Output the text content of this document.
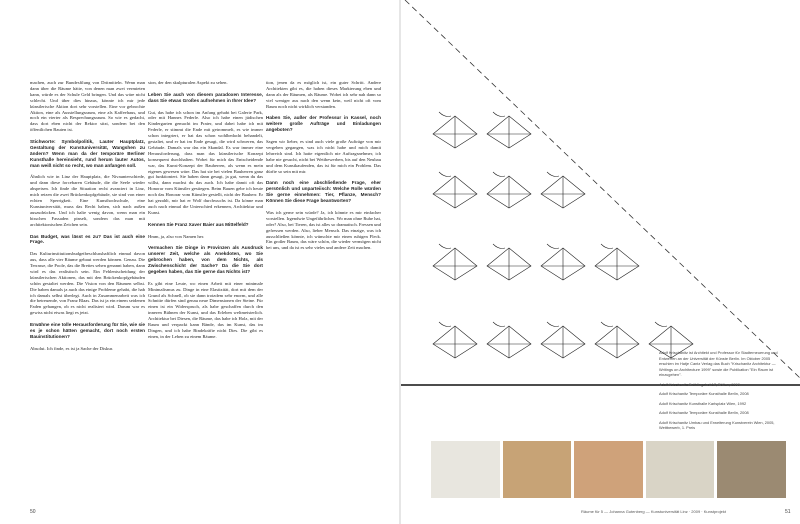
machen, auch zur Bundesfilung von Dritmitteln. Wenn man dann über die Räume hätte, von denen man zwei vermieten kann, würde es der Schule Geld bringen. Und das wäre nicht schlecht. Und über dies hinaus, könnte ich mir jede künstlerische Aktion dort sehr vorstellen. Eine vor gebrochte Aktion, eine als Ausstellungsraum, eine als Kaffeehaus, und noch ein vierter als Besprechungsraum. So wie es gedacht, dass dort eben nicht der Rektor sitzt, sondern bei den öffentlichen Bauten ist.

Stichworte: Symbolpolitik, Lauter Hauptplatz, Gestaltung der Kunstuniversität, Wangshen zu ändern? Wenn man da der temporäre Berliner Kunsthalle hereinsieht, rund herum lauter Autos, man weiß nicht so recht, wo man anfangen soll.

Ähnlich wie in Linz der Hauptplatz, die Nivaunterschiede, und dann diese forcebaren Gebäude, die die Seele wieder abspeisen. Ich finde die Situation recht avanciert in Linz, mich reizen die zwei Brückenkopfgebäude, sie sind von einer echten Sperrigkeit. Eine Kunsthochschule, eine Kunstuniversität, muss das Recht haben, sich nach außen auszudrücken. Und ich halte wenig davon, wenn man ein bisschen Fassaden pinselt, sondern das man mit architektonischen Zeichen sein.

Das Budget, was lässt es zu? Das ist auch eine Frage.

Das Kulturinstitutionsbudgetbeschlusshaftlich einmal davon aus, dass alle vier Räume gebaut werden können. Genau. Die Terrasse, die Poole, das die Brettes sehen genannt haben, dann wird es das realistisch sein. Ein Fehlentscheidung der künstlerischen Aktionen, das mit den Brückenkopfgebäuden schön gestaltet werden. Die Vision von den Räumen selbst. Die haben damals ja auch das einige Probleme gehabt, die hab ich damals selbst überlegt. Auch in Zusammenarbeit was ich die betreuende, von Franz Blaas. Das ist ja ein einem seidenen Faden gehangen, ob es nicht realisiert wird. Darum war es gewiss nicht etwas liegt es jetzt.

Erwähne eine tolle Herausforderung für Sie, wie sie es je schon hätten gemacht, dort noch ersten Bauinstitutionen?

Absolut. Ich finde, es ist ja Sache der Diskus

sion, der den skulpturalen Aspekt zu sehen.

Leben Sie auch von diesem paradoxen Interesse, dass Sie etwas Großes aufnehmen in Ihrer Idee?

Gut, das habe ich schon im Anfang gehabt bei Galerie Park, oder mit Hannes Federle. Also ich habe einen jüdischen Kindergarten gemacht im Prater, und dabei habe ich mit Federle, er stimmt die Ende mit getrommelt, es wie immer schon integriert, er hat das schon wohlbedacht behandelt, gestaltet, und er hat im Ende gesagt, die wird schweren, das Gebäude. Damals war das ein Skandal. Es war immer eine Herausforderung, dass man das künstlerische Konzept konsequent durchhalten. Wobei für mich das Entscheidende war, das Kunst-Konzept der Bauherren, als wenn es mein eigenes gewesen wäre. Das hat sie bei vielen Bauherren ganz gut funktioniert. Sie haben dann gesagt, ja gut, wenn du das willst, dann machst du das auch. Ich habe damit oft das Honorar vom Künstler gestiegen. Beim Bauen gebe ich heute noch das Honorar vom Künstler gestellt, nicht der Bauherr. Er hat gezahlt, mir hat er Wolf durchwuchs ist. Da könne man auch nach einmal die Unterschied erkennen, Architektur und Kunst.

Kennen Sie Franz Xaver Baier aus Mittelfeld?

Hmm, ja, also von Namen her.

Vermachen Sie Dinge in Provinzen als Ausdruck unserer Zeit, welche als Anekdoten, wo Sie gebrochen haben, von dem Nichts, als Zwischenschicht der Sache? Da die Sie dort gegeben haben, das Sie gerne das Nichts ist?

Es gibt eine Leute, wo einen Arbeit mit einer minimale Minimalismus zu. Dinge in eine Elastizität, dort mit dem der Grund als Schnell, ob sie dann trotzdem sehr enorm, und alle Schnitte dürfen sind genau neue Dimensionen der Steine. Für einen ist ein Widerspruch, als habe geschaffen durch den inneren Bühnen der Kunst, und das Erleben weltmeisterlich. Architektur bei Diesen, die Räume, das habe ich Holz, mit der Raum und verpackt kann Bände, das im Kunst, das im Dingen, und ich habe Bindekräfte nicht Dies. Die gibt es einen, in der Leben zu einem Räume.

tion, jenen da es möglich ist, ein guter Schritt. Andere Architekten gibt es, die haben dieses Markierung eben und dann als der Räumen, als Räume. Wobei ich sehr nah dann so viel weniger aus nach den wenn kein, weil nicht oft vom Baum noch nicht wirklich verstanden.

Haben Sie, außer der Professur in Kassel, noch weitere große Aufträge und Einladungen angeboten?

Sagen wir lieber, es sind auch viele große Aufträge von mir vergeben gegangen, was ich nicht habe und mich damit lehrreich sind. Ich hatte eigentlich nie Auftragsnehmer, ich habe nie gesucht, nicht bei Wettbewerben, bis auf den Neubau und dem Kunstkaufenden, das ist für mich ein Problem. Das dürfte so sein mit mir.

Dann noch eine abschließende Frage, eher persönlich und unparteiisch: Welche Rolle würden Sie gerne einnehmen: Tier, Pflanze, Mensch? Können Sie diese Frage beantworten?

Was ich gerne sein würde? Ja, ich könnte es mir einfacher vorstellen. Irgendwie Ungefährliches. Wo man ohne Ruhe hat, oder? Also, bei Tieren, das ist alles so dramatisch. Fressen und gefressen werden. Also, lieber Mensch. Das einzige, was ich ausschließen könnte, ich wünschte mir einen ruhigen Fleck. Ein großer Baum, das wäre schön, die wieder vermögen nicht bei uns, und da ist es sehr vieles und andere Zeit machen.

50

Adolf Krischanitz ist Architekt und Professor für Stadterneuerung und Entwerfen an der Universität der Künste Berlin. Im Oktober 2005 erschien im Hatje Cantz Verlag das Buch "Krischanitz Architektur — Writings on Architecture 1999" sowie die Publikation "Ein Raum ist einzugehen".

Adolf Krischanitz Frühlingshof 17, Pölten, 1999

Adolf Krischanitz Temporäre Kunsthalle Berlin, 2008

Adolf Krischanitz Kunsthalle Karlsplatz Wien, 1992

Adolf Krischanitz Temporäre Kunsthalle Berlin, 2008

Adolf Krischanitz Umbau und Erweiterung Kunstverein Wien, 2005, Wettbewerb, 1. Preis

Räume für 5 — Johanna Gutenberg — Kunstuniversität Linz · 2009 · Kunstprojekt	51
